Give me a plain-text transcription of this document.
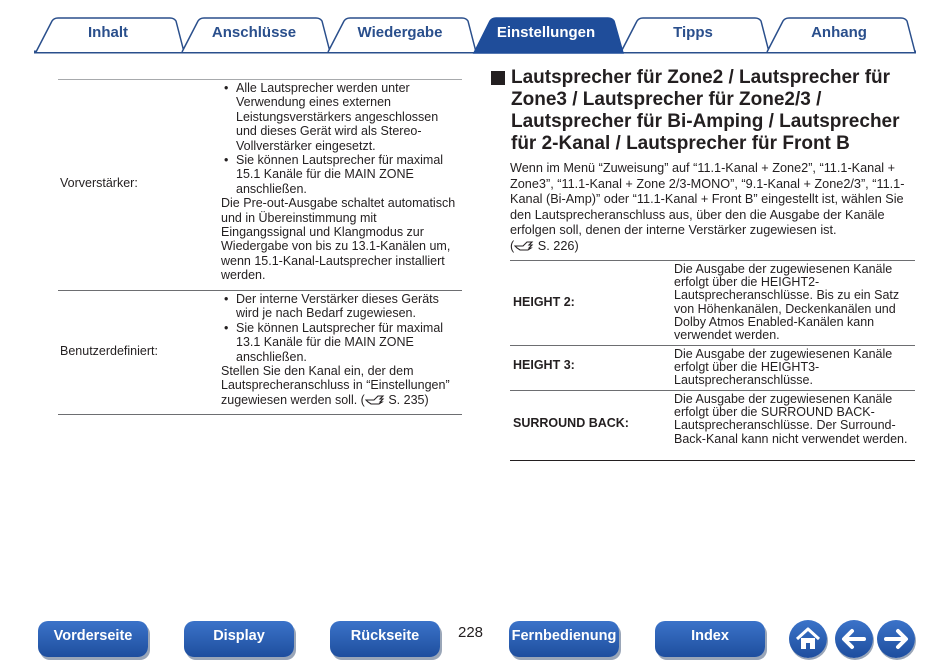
Inhalt	Anschlüsse	Wiedergabe	Einstellungen	Tipps	Anhang
Vorverstärker:
• Alle Lautsprecher werden unter Verwendung eines externen Leistungsverstärkers angeschlossen und dieses Gerät wird als Stereo-Vollverstärker eingesetzt.
• Sie können Lautsprecher für maximal 15.1 Kanäle für die MAIN ZONE anschließen.
Die Pre-out-Ausgabe schaltet automatisch und in Übereinstimmung mit Eingangssignal und Klangmodus zur Wiedergabe von bis zu 13.1-Kanälen um, wenn 15.1-Kanal-Lautsprecher installiert werden.
Benutzerdefiniert:
• Der interne Verstärker dieses Geräts wird je nach Bedarf zugewiesen.
• Sie können Lautsprecher für maximal 13.1 Kanäle für die MAIN ZONE anschließen.
Stellen Sie den Kanal ein, der dem Lautsprecheranschluss in “Einstellungen” zugewiesen werden soll. ( S. 235)
Lautsprecher für Zone2 / Lautsprecher für Zone3 / Lautsprecher für Zone2/3 / Lautsprecher für Bi-Amping / Lautsprecher für 2-Kanal / Lautsprecher für Front B
Wenn im Menü “Zuweisung” auf “11.1-Kanal + Zone2”, “11.1-Kanal + Zone3”, “11.1-Kanal + Zone 2/3-MONO”, “9.1-Kanal + Zone2/3”, “11.1-Kanal (Bi-Amp)” oder “11.1-Kanal + Front B” eingestellt ist, wählen Sie den Lautsprecheranschluss aus, über den die Ausgabe der Kanäle erfolgen soll, denen der interne Verstärker zugewiesen ist.
( S. 226)
HEIGHT 2:
Die Ausgabe der zugewiesenen Kanäle erfolgt über die HEIGHT2-Lautsprecheranschlüsse. Bis zu ein Satz von Höhenkanälen, Deckenkanälen und Dolby Atmos Enabled-Kanälen kann verwendet werden.
HEIGHT 3:
Die Ausgabe der zugewiesenen Kanäle erfolgt über die HEIGHT3-Lautsprecheranschlüsse.
SURROUND BACK:
Die Ausgabe der zugewiesenen Kanäle erfolgt über die SURROUND BACK-Lautsprecheranschlüsse. Der Surround-Back-Kanal kann nicht verwendet werden.
Vorderseite	Display	Rückseite	228 Fernbedienung	Index
